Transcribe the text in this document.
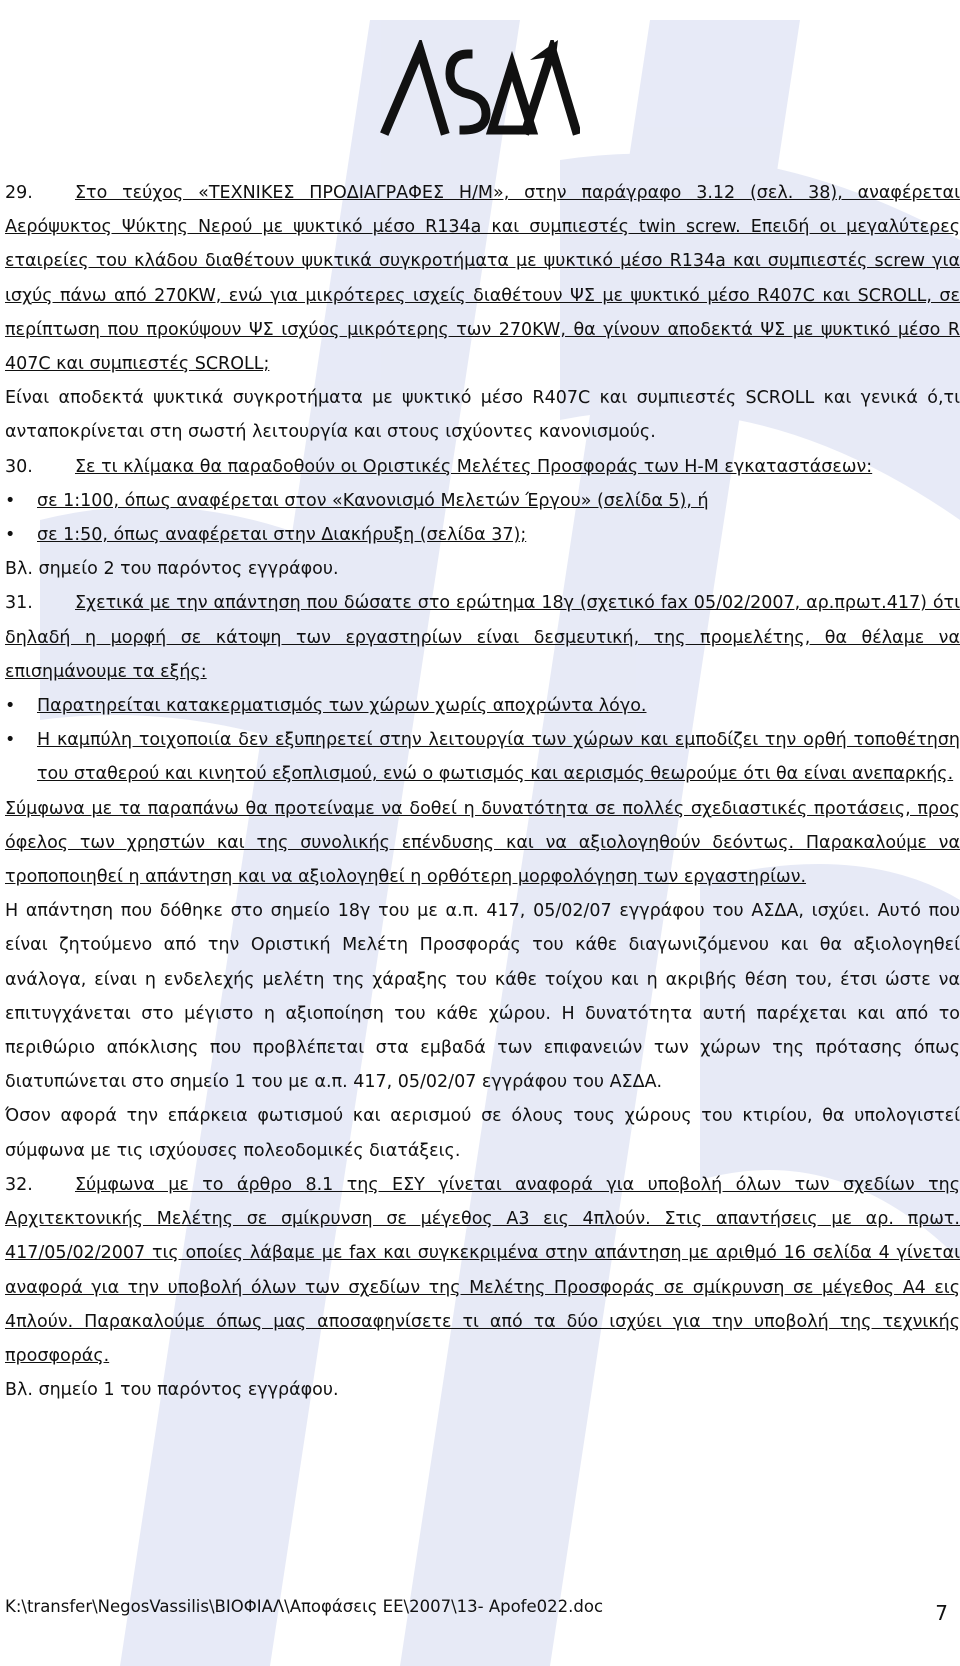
29. Στο τεύχος «ΤΕΧΝΙΚΕΣ ΠΡΟΔΙΑΓΡΑΦΕΣ Η/Μ», στην παράγραφο 3.12 (σελ. 38), αναφέρεται Αερόψυκτος Ψύκτης Νερού με ψυκτικό μέσο R134a και συμπιεστές twin screw. Επειδή οι μεγαλύτερες εταιρείες του κλάδου διαθέτουν ψυκτικά συγκροτήματα με ψυκτικό μέσο R134a και συμπιεστές screw για ισχύς πάνω από 270KW, ενώ για μικρότερες ισχείς διαθέτουν ΨΣ με ψυκτικό μέσο R407C και SCROLL, σε περίπτωση που προκύψουν ΨΣ ισχύος μικρότερης των 270KW, θα γίνουν αποδεκτά ΨΣ με ψυκτικό μέσο R 407C και συμπιεστές SCROLL;

Είναι αποδεκτά ψυκτικά συγκροτήματα με ψυκτικό μέσο R407C και συμπιεστές SCROLL και γενικά ό,τι ανταποκρίνεται στη σωστή λειτουργία και στους ισχύοντες κανονισμούς.

30. Σε τι κλίμακα θα παραδοθούν οι Οριστικές Μελέτες Προσφοράς των Η-Μ εγκαταστάσεων:

•	σε 1:100, όπως αναφέρεται στον «Κανονισμό Μελετών Έργου» (σελίδα 5), ή
•	σε 1:50, όπως αναφέρεται στην Διακήρυξη (σελίδα 37);

Βλ. σημείο 2 του παρόντος εγγράφου.

31. Σχετικά με την απάντηση που δώσατε στο ερώτημα 18γ (σχετικό fax 05/02/2007, αρ.πρωτ.417) ότι δηλαδή η μορφή σε κάτοψη των εργαστηρίων είναι δεσμευτική, της προμελέτης, θα θέλαμε να επισημάνουμε τα εξής:

•	Παρατηρείται κατακερματισμός των χώρων χωρίς αποχρώντα λόγο.
•	Η καμπύλη τοιχοποιία δεν εξυπηρετεί στην λειτουργία των χώρων και εμποδίζει την ορθή τοποθέτηση του σταθερού και κινητού εξοπλισμού, ενώ ο φωτισμός και αερισμός θεωρούμε ότι θα είναι ανεπαρκής.

Σύμφωνα με τα παραπάνω θα προτείναμε να δοθεί η δυνατότητα σε πολλές σχεδιαστικές προτάσεις, προς όφελος των χρηστών και της συνολικής επένδυσης και να αξιολογηθούν δεόντως. Παρακαλούμε να τροποποιηθεί η απάντηση και να αξιολογηθεί η ορθότερη μορφολόγηση των εργαστηρίων.

Η απάντηση που δόθηκε στο σημείο 18γ του με α.π. 417, 05/02/07 εγγράφου του ΑΣΔΑ, ισχύει. Αυτό που είναι ζητούμενο από την Οριστική Μελέτη Προσφοράς του κάθε διαγωνιζόμενου και θα αξιολογηθεί ανάλογα, είναι η ενδελεχής μελέτη της χάραξης του κάθε τοίχου και η ακριβής θέση του, έτσι ώστε να επιτυγχάνεται στο μέγιστο η αξιοποίηση του κάθε χώρου. Η δυνατότητα αυτή παρέχεται και από το περιθώριο απόκλισης που προβλέπεται στα εμβαδά των επιφανειών των χώρων της πρότασης όπως διατυπώνεται στο σημείο 1 του με α.π. 417, 05/02/07 εγγράφου του ΑΣΔΑ.

Όσον αφορά την επάρκεια φωτισμού και αερισμού σε όλους τους χώρους του κτιρίου, θα υπολογιστεί σύμφωνα με τις ισχύουσες πολεοδομικές διατάξεις.

32. Σύμφωνα με το άρθρο 8.1 της ΕΣΥ γίνεται αναφορά για υποβολή όλων των σχεδίων της Αρχιτεκτονικής Μελέτης σε σμίκρυνση σε μέγεθος Α3 εις 4πλούν. Στις απαντήσεις με αρ. πρωτ. 417/05/02/2007 τις οποίες λάβαμε με fax και συγκεκριμένα στην απάντηση με αριθμό 16 σελίδα 4 γίνεται αναφορά για την υποβολή όλων των σχεδίων της Μελέτης Προσφοράς σε σμίκρυνση σε μέγεθος Α4 εις 4πλούν. Παρακαλούμε όπως μας αποσαφηνίσετε τι από τα δύο ισχύει για την υποβολή της τεχνικής προσφοράς.

Βλ. σημείο 1 του παρόντος εγγράφου.

K:\transfer\NegosVassilis\ΒΙΟΦΙΑΛ\Αποφάσεις ΕΕ\2007\13- Apofe022.doc	7
